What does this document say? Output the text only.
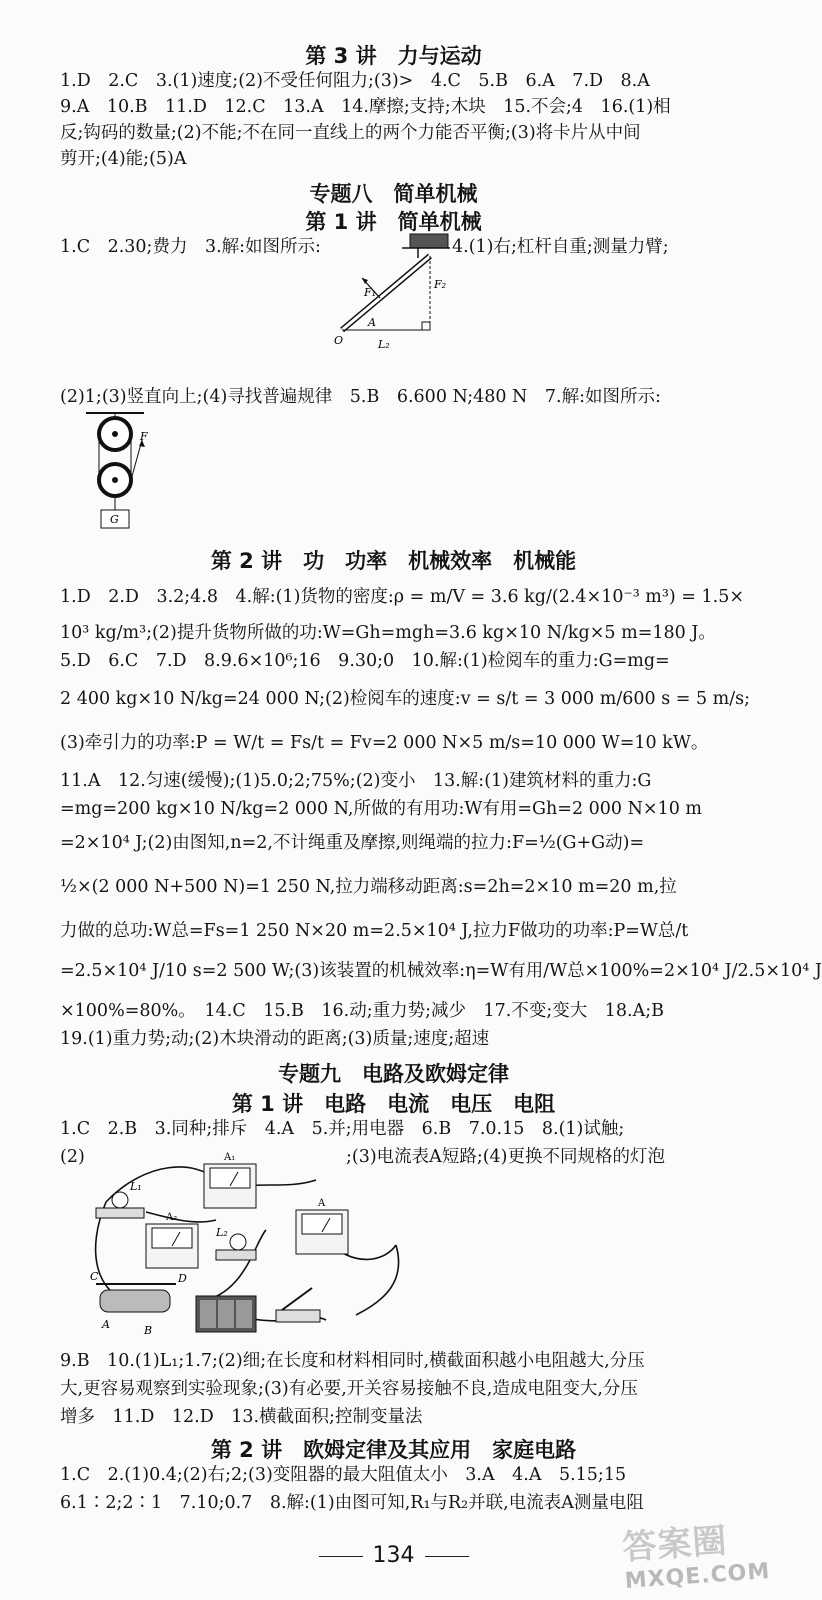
第 3 讲　力与运动
1.D　2.C　3.(1)速度;(2)不受任何阻力;(3)>　4.C　5.B　6.A　7.D　8.A
9.A　10.B　11.D　12.C　13.A　14.摩擦;支持;木块　15.不会;4　16.(1)相
反;钩码的数量;(2)不能;不在同一直线上的两个力能否平衡;(3)将卡片从中间
剪开;(4)能;(5)A
专题八　简单机械
第 1 讲　简单机械
1.C　2.30;费力　3.解:如图所示:	4.(1)右;杠杆自重;测量力臂;
F₁
F₂
O
A
L₂
(2)1;(3)竖直向上;(4)寻找普遍规律　5.B　6.600 N;480 N　7.解:如图所示:
F
G
第 2 讲　功　功率　机械效率　机械能
1.D　2.D　3.2;4.8　4.解:(1)货物的密度:ρ = m/V = 3.6 kg/(2.4×10⁻³ m³) = 1.5×
10³ kg/m³;(2)提升货物所做的功:W=Gh=mgh=3.6 kg×10 N/kg×5 m=180 J。
5.D　6.C　7.D　8.9.6×10⁶;16　9.30;0　10.解:(1)检阅车的重力:G=mg=
2 400 kg×10 N/kg=24 000 N;(2)检阅车的速度:v = s/t = 3 000 m/600 s = 5 m/s;
(3)牵引力的功率:P = W/t = Fs/t = Fv=2 000 N×5 m/s=10 000 W=10 kW。
11.A　12.匀速(缓慢);(1)5.0;2;75%;(2)变小　13.解:(1)建筑材料的重力:G
=mg=200 kg×10 N/kg=2 000 N,所做的有用功:W有用=Gh=2 000 N×10 m
=2×10⁴ J;(2)由图知,n=2,不计绳重及摩擦,则绳端的拉力:F=½(G+G动)=
½×(2 000 N+500 N)=1 250 N,拉力端移动距离:s=2h=2×10 m=20 m,拉
力做的总功:W总=Fs=1 250 N×20 m=2.5×10⁴ J,拉力F做功的功率:P=W总/t
=2.5×10⁴ J/10 s=2 500 W;(3)该装置的机械效率:η=W有用/W总×100%=2×10⁴ J/2.5×10⁴ J
×100%=80%。　14.C　15.B　16.动;重力势;减少　17.不变;变大　18.A;B
19.(1)重力势;动;(2)木块滑动的距离;(3)质量;速度;超速
专题九　电路及欧姆定律
第 1 讲　电路　电流　电压　电阻
1.C　2.B　3.同种;排斥　4.A　5.并;用电器　6.B　7.0.15　8.(1)试触;
(2)	;(3)电流表A短路;(4)更换不同规格的灯泡
L₁
A₁
A₂
L₂
A
C	D
A	B
9.B　10.(1)L₁;1.7;(2)细;在长度和材料相同时,横截面积越小电阻越大,分压
大,更容易观察到实验现象;(3)有必要,开关容易接触不良,造成电阻变大,分压
增多　11.D　12.D　13.横截面积;控制变量法
第 2 讲　欧姆定律及其应用　家庭电路
1.C　2.(1)0.4;(2)右;2;(3)变阻器的最大阻值太小　3.A　4.A　5.15;15
6.1∶2;2∶1　7.10;0.7　8.解:(1)由图可知,R₁与R₂并联,电流表A测量电阻
134	答案圈
MXQE.COM
